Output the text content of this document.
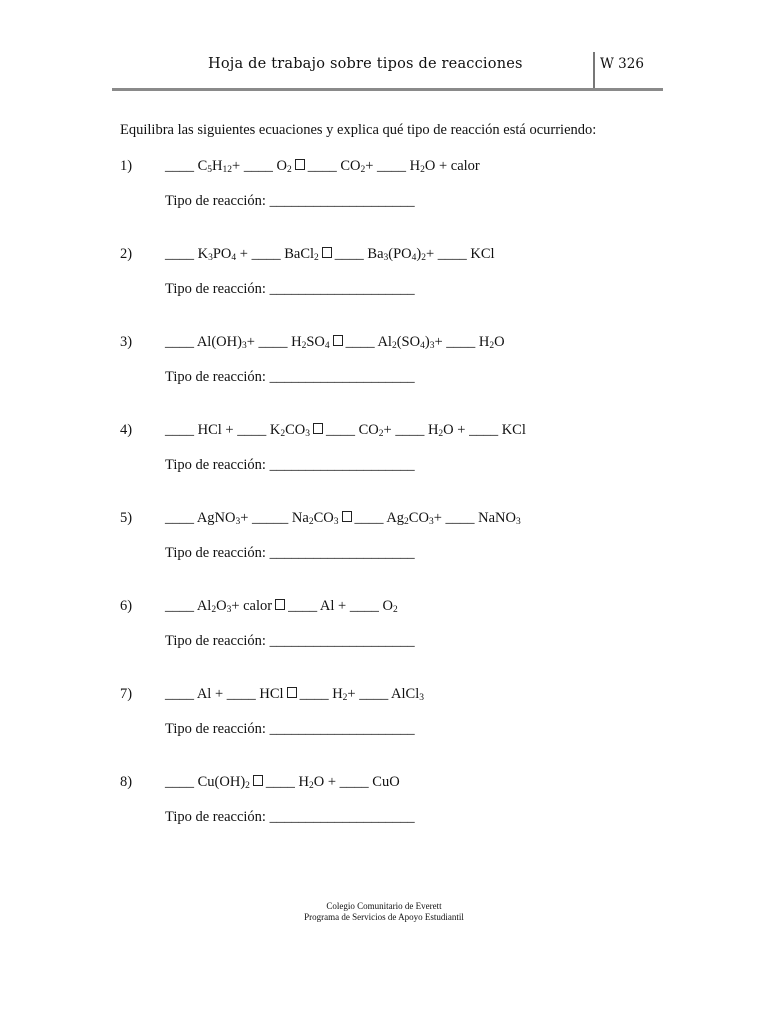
Hoja de trabajo sobre tipos de reacciones	W 326
Equilibra las siguientes ecuaciones y explica qué tipo de reacción está ocurriendo:
1) ____ $C_5H_{12}+$ ____ $O_2$ ____ $CO_2+$ ____ $H_2O$ + calor
Tipo de reacción: ____________________
2) ____ $K_3PO_4$ + ____ BaCl$_2$ ____ $Ba_3(PO_4)_2+$ ____ KCl
Tipo de reacción: ____________________
3) ____ $Al(OH)_3+$ ____ $H_2SO_4$ ____ $Al_2(SO_4)_3+$ ____ $H_2O$
Tipo de reacción: ____________________
4) ____ HCl + ____ $K_2CO_3$ ____ $CO_2+$ ____ $H_2O$ + ____ KCl
Tipo de reacción: ____________________
5) ____ AgNO$_3$+ _____ $Na_2CO_3$ ____ $Ag_2CO_3+$ ____ NaNO$_3$
Tipo de reacción: ____________________
6) ____ $Al_2O_3+$ calor ____ Al + ____ $O_2$
Tipo de reacción: ____________________
7) ____ Al + ____ HCl ____ $H_2+$ ____ AlCl$_3$
Tipo de reacción: ____________________
8) ____ $Cu(OH)_2$ ____ $H_2O$ + ____ CuO
Tipo de reacción: ____________________
Colegio Comunitario de Everett
Programa de Servicios de Apoyo Estudiantil
